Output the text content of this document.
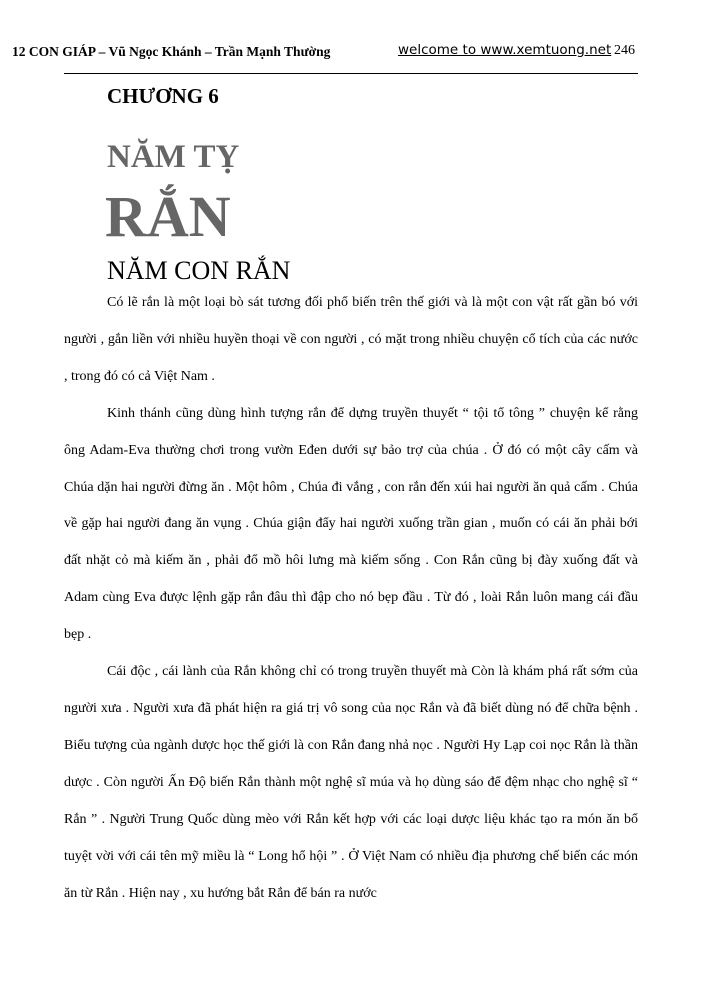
12 CON GIÁP – Vũ Ngọc Khánh – Trần Mạnh Thường	welcome to www.xemtuong.net 246
CHƯƠNG 6
NĂM TỴ
RẮN
NĂM CON RẮN

Có lẽ rắn là một loại bò sát tương đối phổ biến trên thế giới và là một con vật rất gần bó với người , gắn liền với nhiều huyền thoại về con người , có mặt trong nhiều chuyện cổ tích của các nước , trong đó có cả Việt Nam .

Kinh thánh cũng dùng hình tượng rắn để dựng truyền thuyết “ tội tổ tông ” chuyện kể rằng ông Adam-Eva thường chơi trong vườn Eđen dưới sự bảo trợ của chúa . Ở đó có một cây cấm và Chúa dặn hai người đừng ăn . Một hôm , Chúa đi vắng , con rắn đến xúi hai người ăn quả cấm . Chúa về gặp hai người đang ăn vụng . Chúa giận đẩy hai người xuống trần gian , muốn có cái ăn phải bới đất nhặt cỏ mà kiếm ăn , phải đổ mồ hôi lưng mà kiếm sống . Con Rắn cũng bị đày xuống đất và Adam cùng Eva được lệnh gặp rắn đâu thì đập cho nó bẹp đầu . Từ đó , loài Rắn luôn mang cái đầu bẹp .

Cái độc , cái lành của Rắn không chỉ có trong truyền thuyết mà Còn là khám phá rất sớm của người xưa . Người xưa đã phát hiện ra giá trị vô song của nọc Rắn và đã biết dùng nó để chữa bệnh . Biểu tượng của ngành dược học thế giới là con Rắn đang nhả nọc . Người Hy Lạp coi nọc Rắn là thần dược . Còn người Ấn Độ biến Rắn thành một nghệ sĩ múa và họ dùng sáo để đệm nhạc cho nghệ sĩ “ Rắn ” . Người Trung Quốc dùng mèo với Rắn kết hợp với các loại dược liệu khác tạo ra món ăn bổ tuyệt vời với cái tên mỹ miều là “ Long hổ hội ” . Ở Việt Nam có nhiều địa phương chế biến các món ăn từ Rắn . Hiện nay , xu hướng bắt Rắn để bán ra nước
